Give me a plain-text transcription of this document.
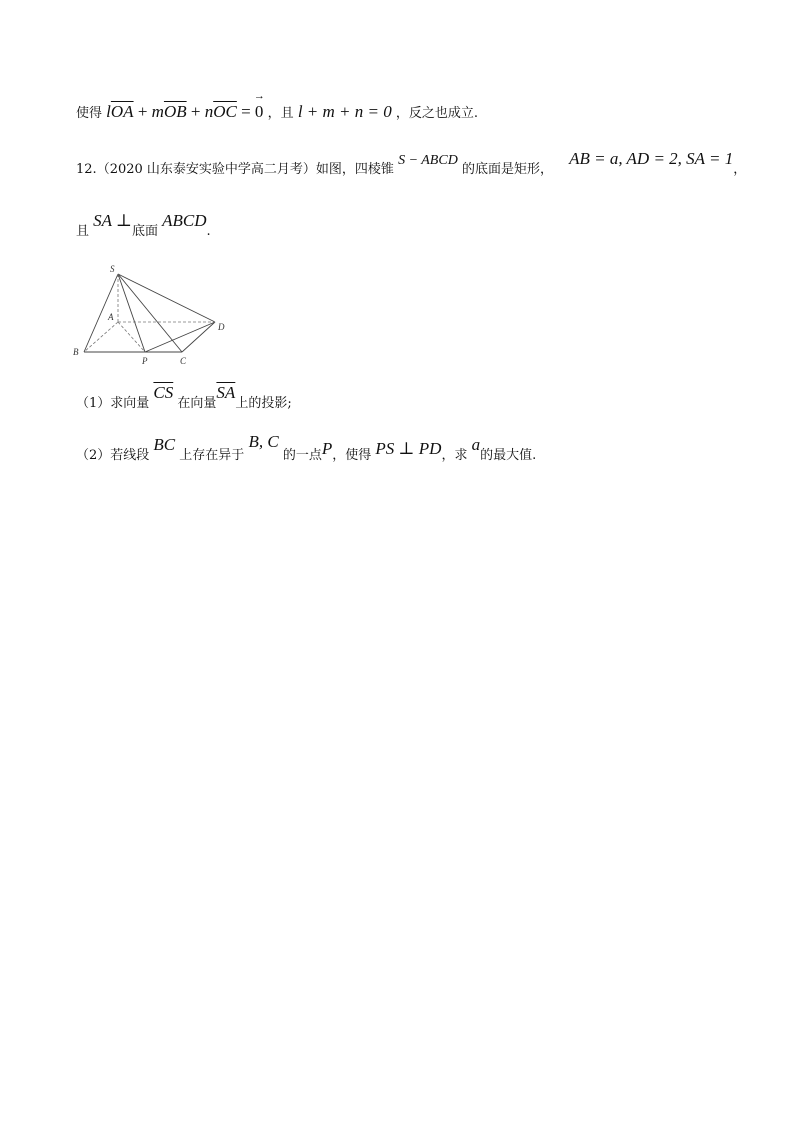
使得 $l\overline{OA} + m\overline{OB} + n\overline{OC}$ =
→
0 ，且 l + m + n = 0 ，反之也成立.
12.（2020 山东泰安实验中学高二月考）如图，四棱锥 S − ABCD 的底面是矩形， AB = a, AD = 2, SA = 1，
且 SA ⊥底面 ABCD.
S
A
B
P	C
D
（1）求向量 $\overline{CS}$ 在向量$\overline{SA}$上的投影;
（2）若线段 BC 上存在异于 B, C 的一点P，使得 PS ⊥ PD，求 a的最大值.
